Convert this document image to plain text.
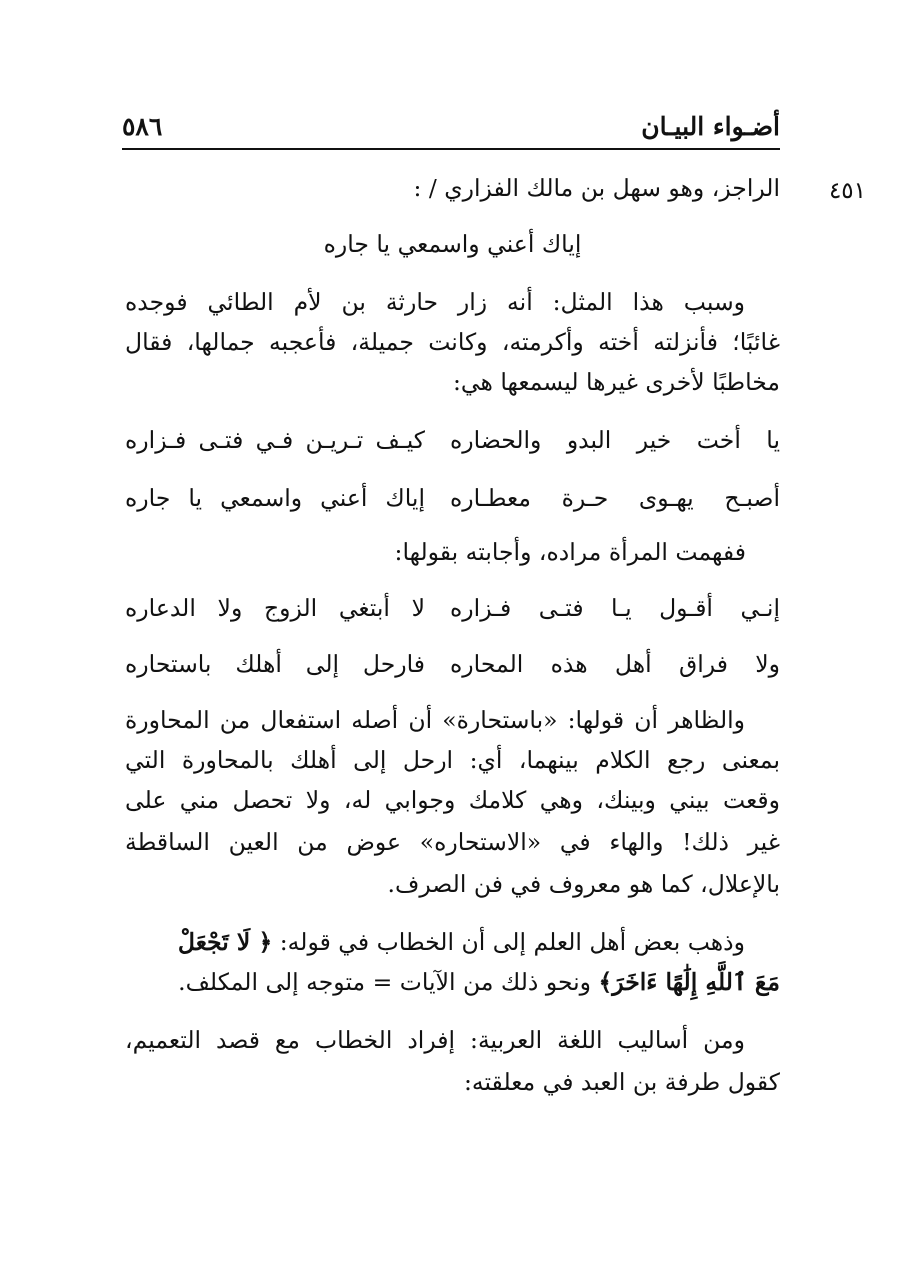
أضـواء البيـان
٥٨٦
٤٥١
الراجز، وهو سهل بن مالك الفزاري / :
إياك أعني واسمعي يا جاره
وسبب هذا المثل: أنه زار حارثة بن لأم الطائي فوجده
غائبًا؛ فأنزلته أخته وأكرمته، وكانت جميلة، فأعجبه جمالها، فقال
مخاطبًا لأخرى غيرها ليسمعها هي:
يا أخت خير البدو والحضاره
كيـف تـريـن فـي فتـى فـزاره
أصبـح يهـوى حـرة معطـاره
إياك أعني واسمعي يا جاره
ففهمت المرأة مراده، وأجابته بقولها:
إنـي أقـول يـا فتـى فـزاره
لا أبتغي الزوج ولا الدعاره
ولا فراق أهل هذه المحاره
فارحل إلى أهلك باستحاره
والظاهر أن قولها: «باستحارة» أن أصله استفعال من المحاورة
بمعنى رجع الكلام بينهما، أي: ارحل إلى أهلك بالمحاورة التي
وقعت بيني وبينك، وهي كلامك وجوابي له، ولا تحصل مني على
غير ذلك! والهاء في «الاستحاره» عوض من العين الساقطة
بالإعلال، كما هو معروف في فن الصرف.
وذهب بعض أهل العلم إلى أن الخطاب في قوله: ﴿ لَا تَجْعَلْ
مَعَ ٱللَّهِ إِلَٰهًا ءَاخَرَ﴾ ونحو ذلك من الآيات = متوجه إلى المكلف.
ومن أساليب اللغة العربية: إفراد الخطاب مع قصد التعميم،
كقول طرفة بن العبد في معلقته:
